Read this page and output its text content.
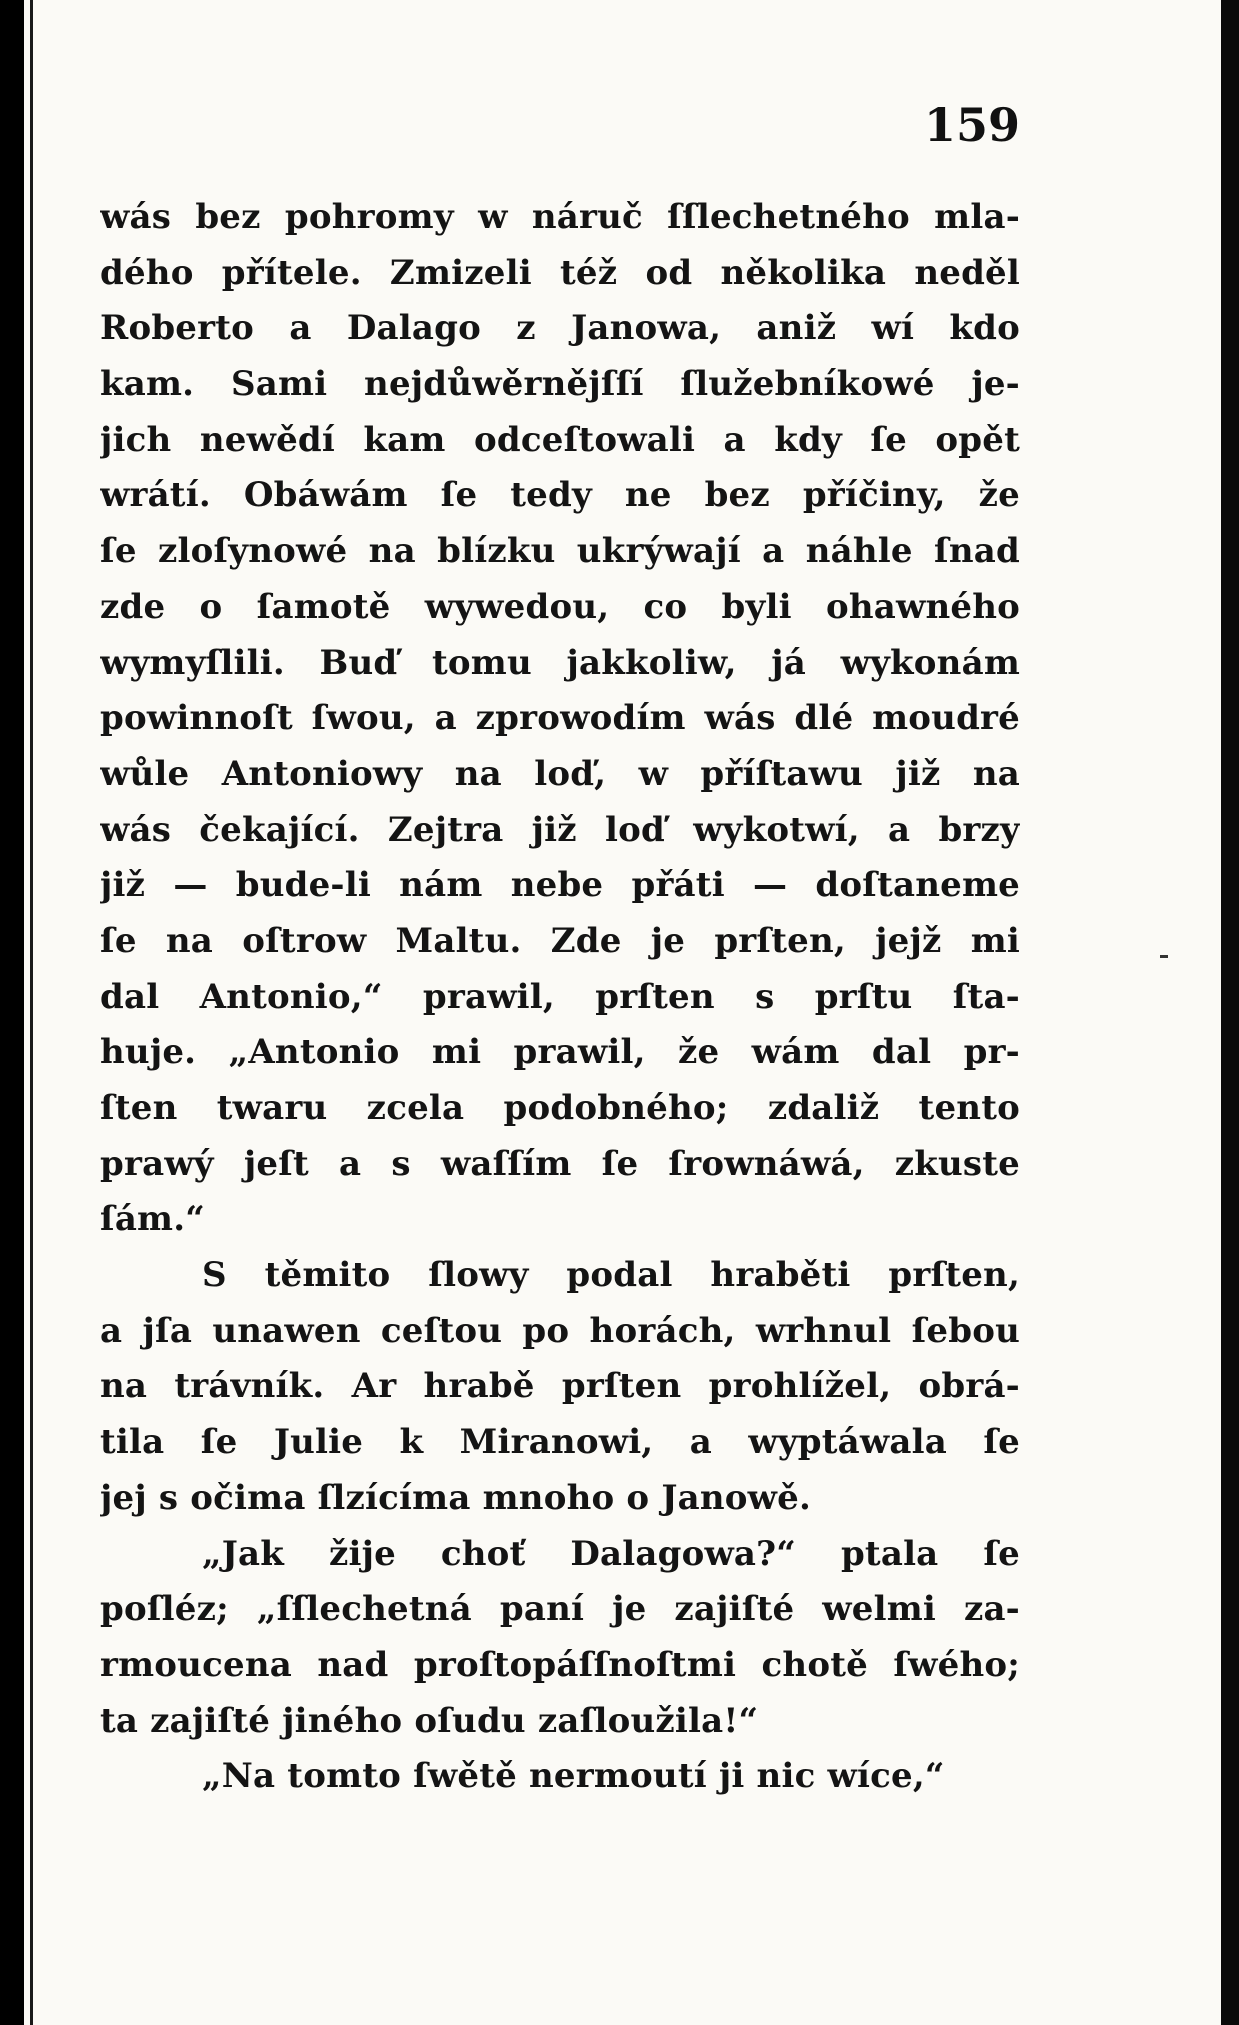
159
wás bez pohromy w náruč ſſlechetného mla-
dého přítele. Zmizeli též od několika neděl
Roberto a Dalago z Janowa, aniž wí kdo
kam. Sami nejdůwěrnějſſí ſlužebníkowé je-
jich newědí kam odceſtowali a kdy ſe opět
wrátí. Obáwám ſe tedy ne bez příčiny, že
ſe zloſynowé na blízku ukrýwají a náhle ſnad
zde o ſamotě wywedou, co byli ohawného
wymyſlili. Buď tomu jakkoliw, já wykonám
powinnoſt ſwou, a zprowodím wás dlé moudré
wůle Antoniowy na loď, w příſtawu již na
wás čekající. Zejtra již loď wykotwí, a brzy
již — bude-li nám nebe přáti — doſtaneme
ſe na oſtrow Maltu. Zde je prſten, jejž mi
dal Antonio,“ prawil, prſten s prſtu ſta-
huje. „Antonio mi prawil, že wám dal pr-
ſten twaru zcela podobného; zdaliž tento
prawý jeſt a s waſſím ſe ſrownáwá, zkuste
ſám.“
S těmito ſlowy podal hraběti prſten,
a jſa unawen ceſtou po horách, wrhnul ſebou
na trávník. Ar hrabě prſten prohlížel, obrá-
tila ſe Julie k Miranowi, a wyptáwala ſe
jej s očima ſlzícíma mnoho o Janowě.
„Jak žije choť Dalagowa?“ ptala ſe
poſléz; „ſſlechetná paní je zajiſté welmi za-
rmoucena nad proſtopáſſnoſtmi chotě ſwého;
ta zajiſté jiného oſudu zaſloužila!“
„Na tomto ſwětě nermoutí ji nic wíce,“
